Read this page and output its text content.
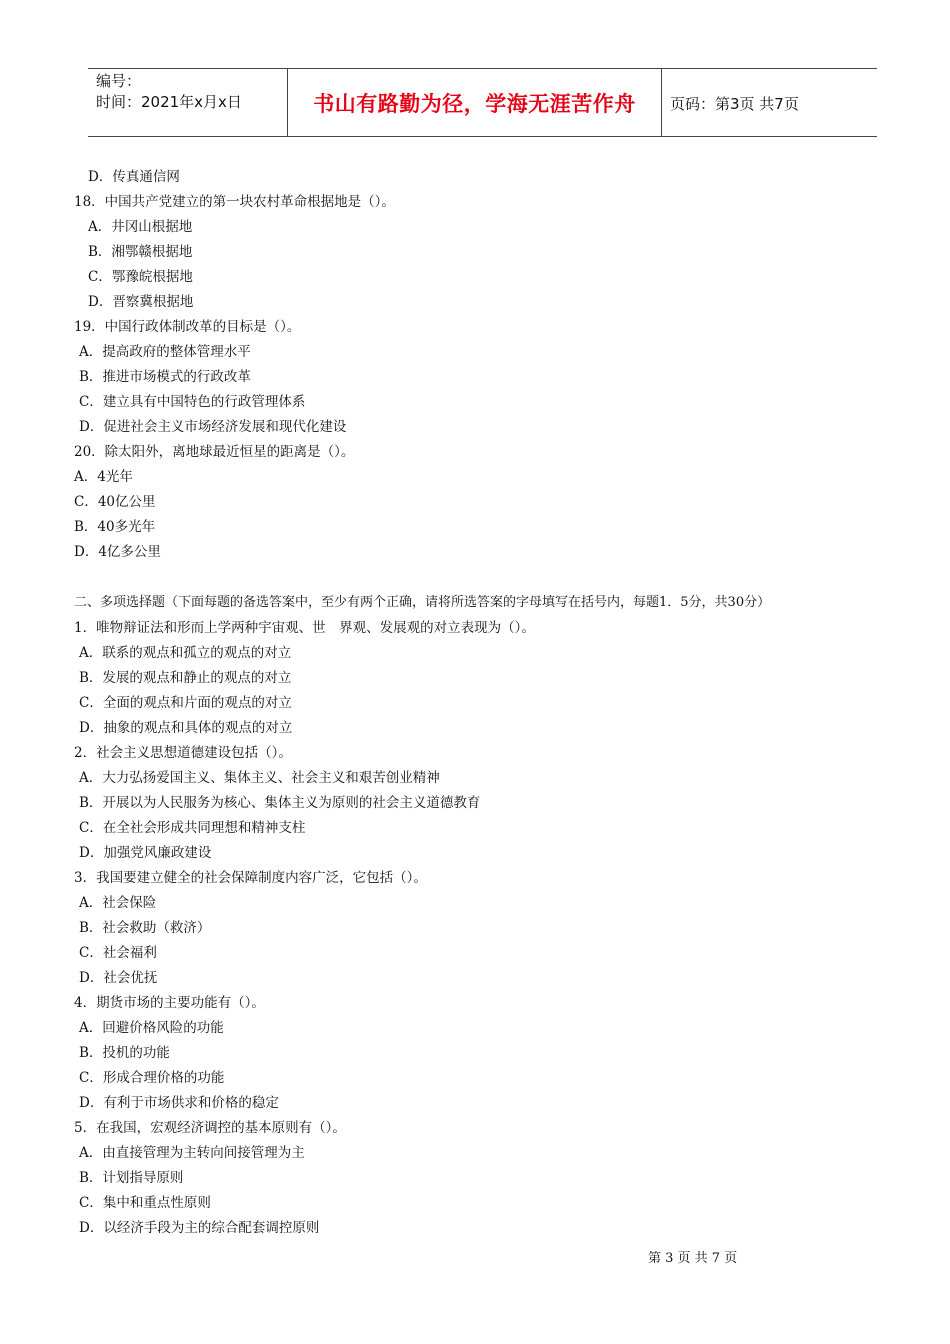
编号：
时间：2021年x月x日	书山有路勤为径，学海无涯苦作舟	页码：第3页 共7页
D．传真通信网
18．中国共产党建立的第一块农村革命根据地是（）。
A．井冈山根据地
B．湘鄂赣根据地
C．鄂豫皖根据地
D．晋察冀根据地
19．中国行政体制改革的目标是（）。
A．提高政府的整体管理水平
B．推进市场模式的行政改革
C．建立具有中国特色的行政管理体系
D．促进社会主义市场经济发展和现代化建设
20．除太阳外，离地球最近恒星的距离是（）。
A．4光年
C．40亿公里
B．40多光年
D．4亿多公里
二、多项选择题（下面每题的备选答案中，至少有两个正确，请将所选答案的字母填写在括号内，每题1．5分，共30分）
1．唯物辩证法和形而上学两种宇宙观、世　界观、发展观的对立表现为（）。
A．联系的观点和孤立的观点的对立
B．发展的观点和静止的观点的对立
C．全面的观点和片面的观点的对立
D．抽象的观点和具体的观点的对立
2．社会主义思想道德建设包括（）。
A．大力弘扬爱国主义、集体主义、社会主义和艰苦创业精神
B．开展以为人民服务为核心、集体主义为原则的社会主义道德教育
C．在全社会形成共同理想和精神支柱
D．加强党风廉政建设
3．我国要建立健全的社会保障制度内容广泛，它包括（）。
A．社会保险
B．社会救助（救济）
C．社会福利
D．社会优抚
4．期货市场的主要功能有（）。
A．回避价格风险的功能
B．投机的功能
C．形成合理价格的功能
D．有利于市场供求和价格的稳定
5．在我国，宏观经济调控的基本原则有（）。
A．由直接管理为主转向间接管理为主
B．计划指导原则
C．集中和重点性原则
D．以经济手段为主的综合配套调控原则
第 3 页 共 7 页
